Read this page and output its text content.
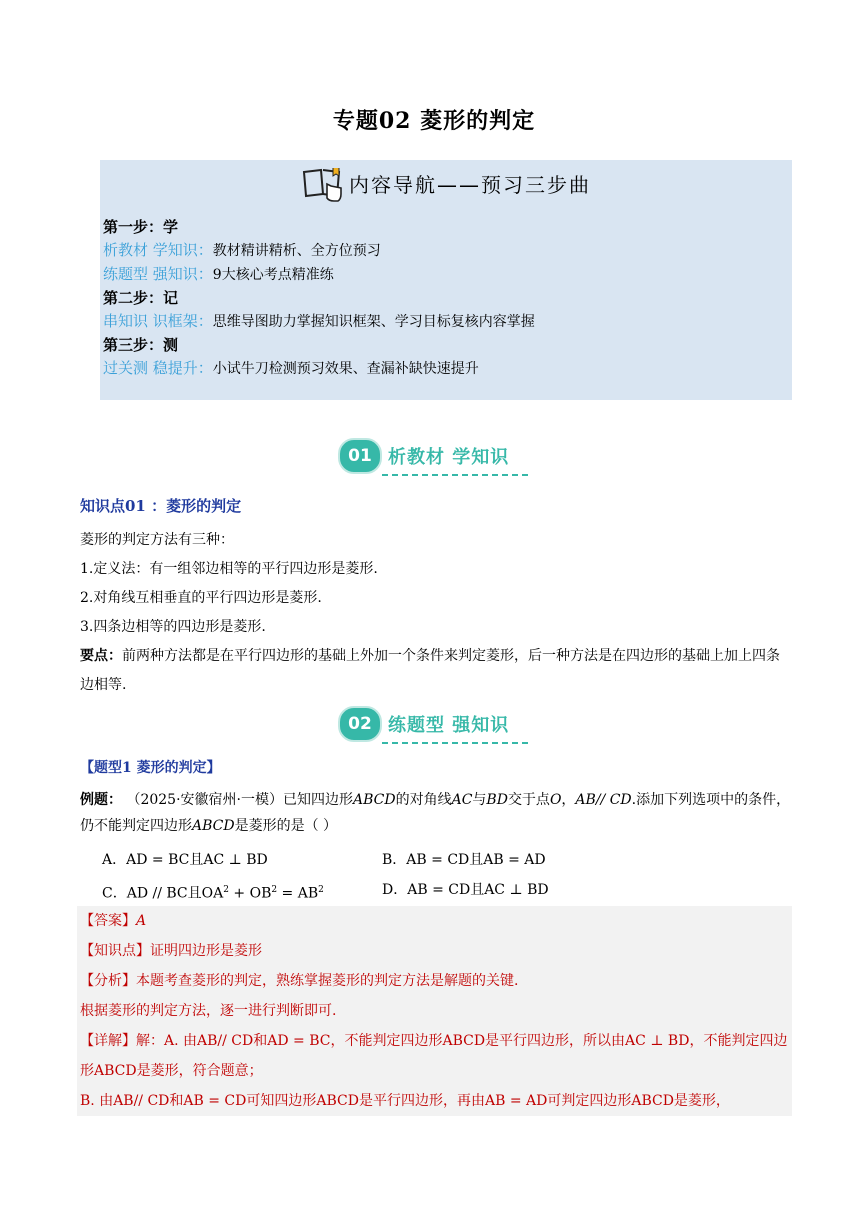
专题02 菱形的判定
内容导航——预习三步曲
第一步：学
析教材 学知识：教材精讲精析、全方位预习
练题型 强知识：9大核心考点精准练
第二步：记
串知识 识框架：思维导图助力掌握知识框架、学习目标复核内容掌握
第三步：测
过关测 稳提升：小试牛刀检测预习效果、查漏补缺快速提升
01 析教材 学知识
知识点01 ：菱形的判定
菱形的判定方法有三种：
1.定义法：有一组邻边相等的平行四边形是菱形.
2.对角线互相垂直的平行四边形是菱形.
3.四条边相等的四边形是菱形.
要点：前两种方法都是在平行四边形的基础上外加一个条件来判定菱形，后一种方法是在四边形的基础上加上四条边相等.
02 练题型 强知识
【题型1 菱形的判定】
例题： （2025·安徽宿州·一模）已知四边形ABCD的对角线AC与BD交于点O，AB// CD.添加下列选项中的条件，仍不能判定四边形ABCD是菱形的是（ ）
A．AD = BC且AC ⊥ BD	B．AB = CD且AB = AD
C．AD // BC且$OA^2 + OB^2 = AB^2$	D．AB = CD且AC ⊥ BD
【答案】A
【知识点】证明四边形是菱形
【分析】本题考查菱形的判定，熟练掌握菱形的判定方法是解题的关键.
根据菱形的判定方法，逐一进行判断即可.
【详解】解：A. 由AB// CD和AD = BC，不能判定四边形ABCD是平行四边形，所以由AC ⊥ BD，不能判定四边形ABCD是菱形，符合题意；
B. 由AB// CD和AB = CD可知四边形ABCD是平行四边形，再由AB = AD可判定四边形ABCD是菱形，
